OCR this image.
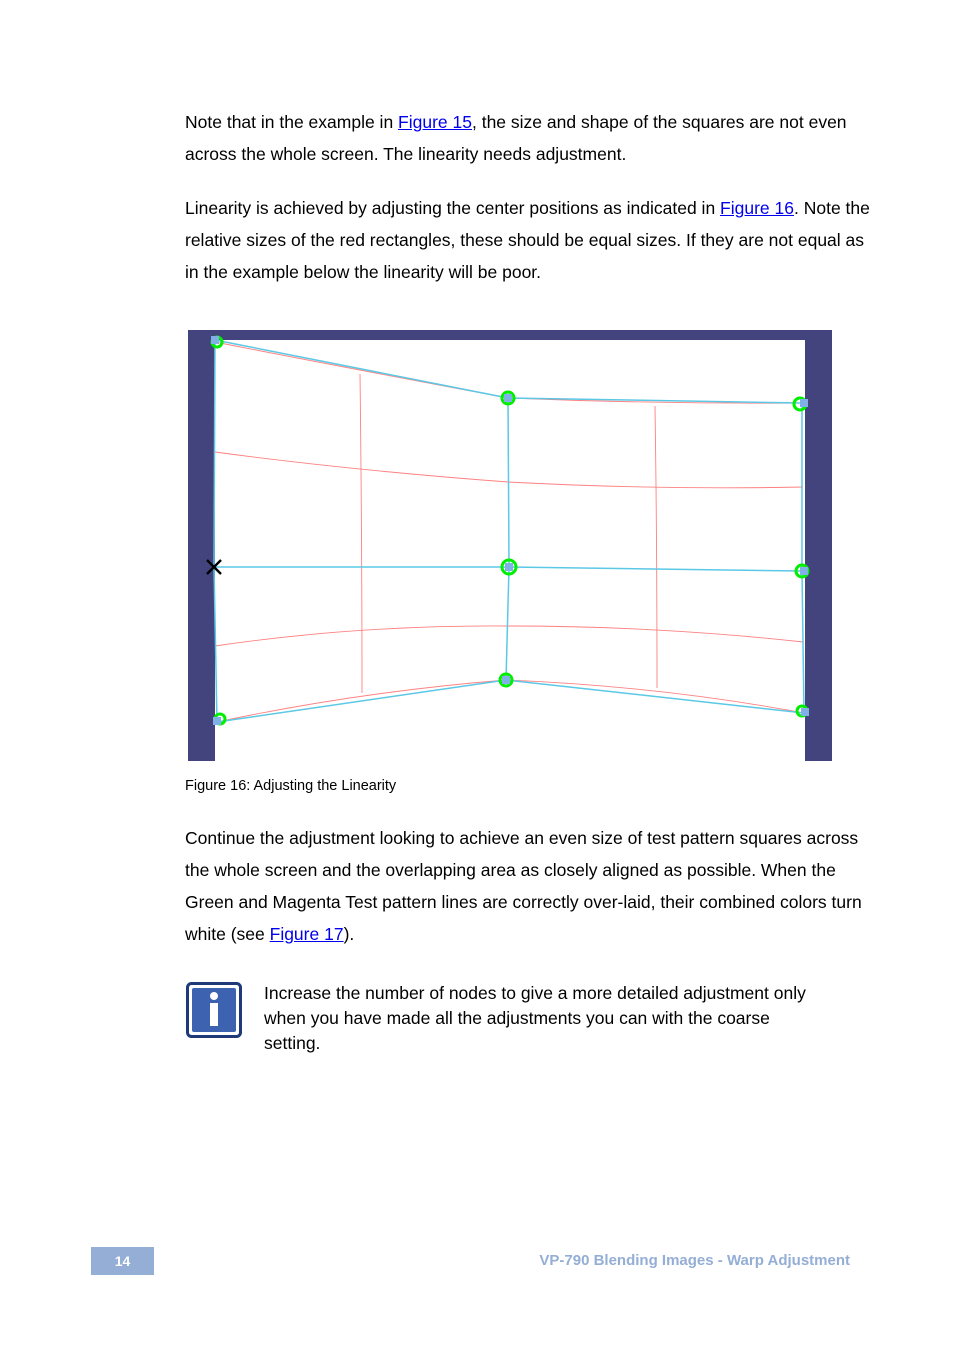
Note that in the example in Figure 15, the size and shape of the squares are not even across the whole screen. The linearity needs adjustment.

Linearity is achieved by adjusting the center positions as indicated in Figure 16. Note the relative sizes of the red rectangles, these should be equal sizes. If they are not equal as in the example below the linearity will be poor.

Figure 16: Adjusting the Linearity

Continue the adjustment looking to achieve an even size of test pattern squares across the whole screen and the overlapping area as closely aligned as possible. When the Green and Magenta Test pattern lines are correctly over-laid, their combined colors turn white (see Figure 17).

Increase the number of nodes to give a more detailed adjustment only when you have made all the adjustments you can with the coarse setting.

14	VP-790 Blending Images - Warp Adjustment
